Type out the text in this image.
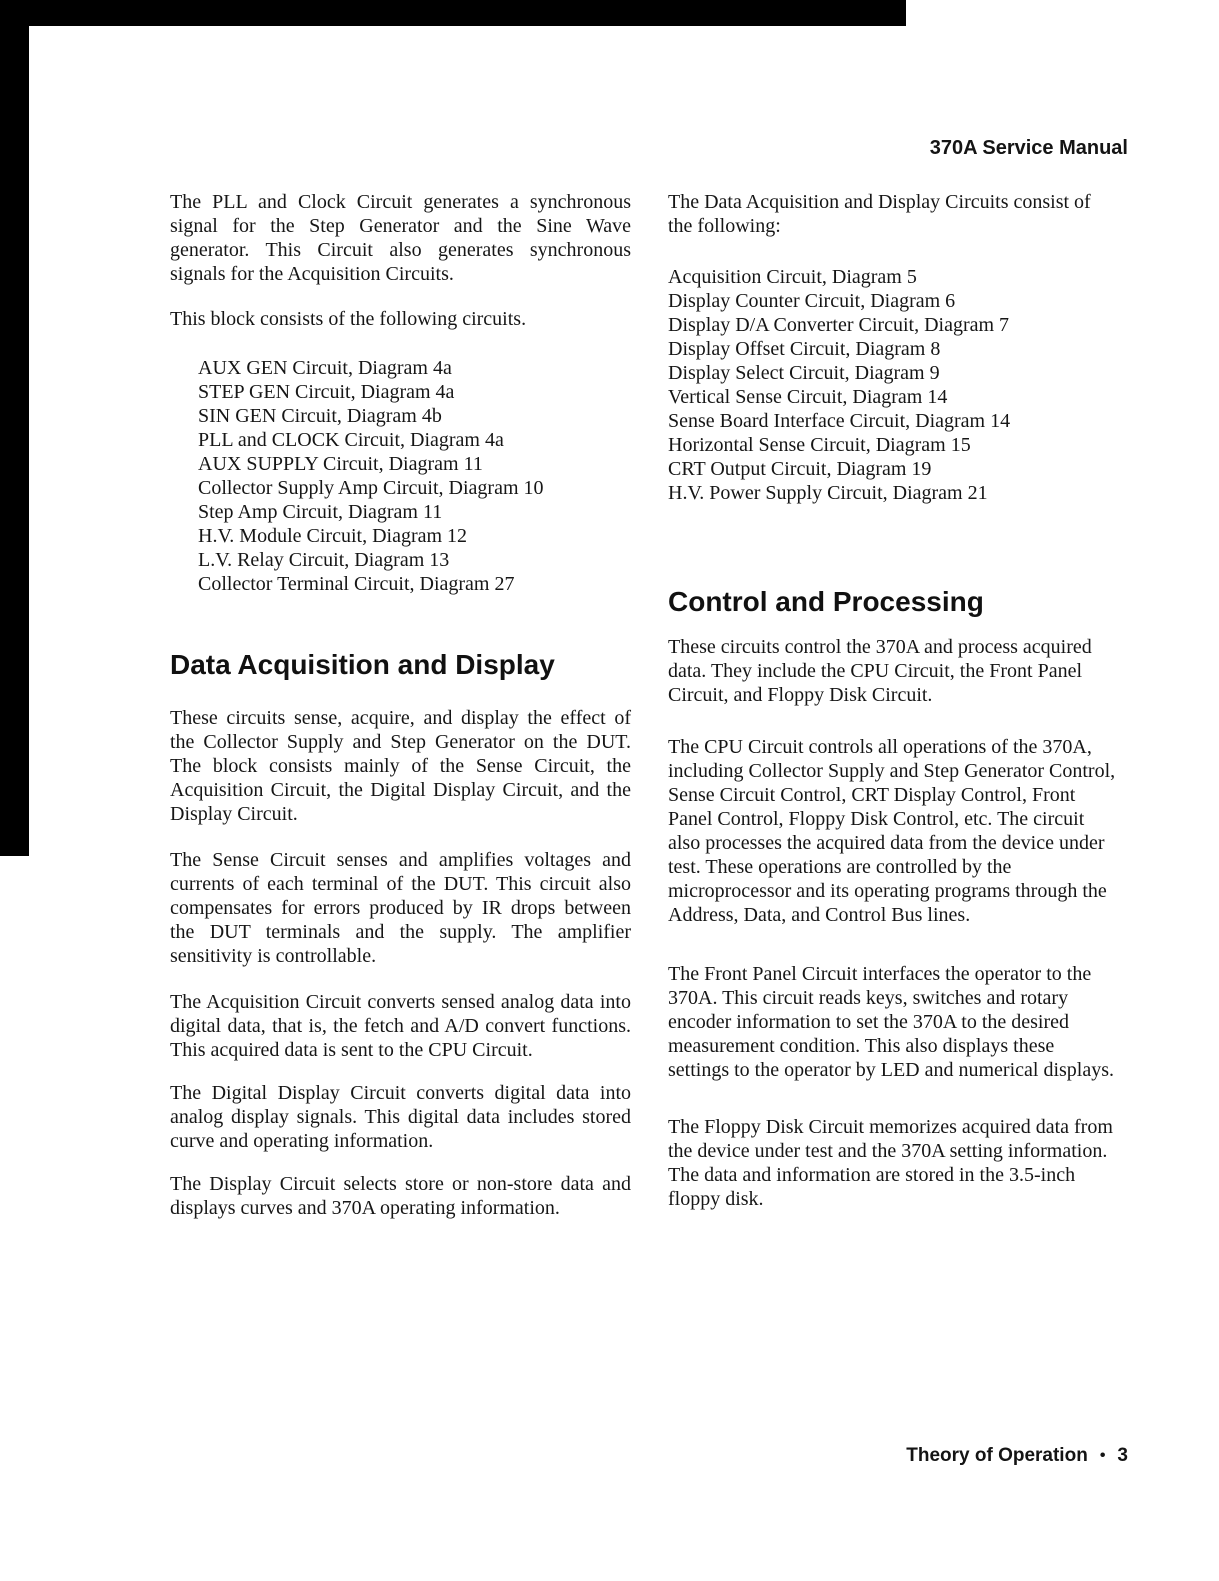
370A Service Manual

The PLL and Clock Circuit generates a synchronous signal for the Step Generator and the Sine Wave generator. This Circuit also generates synchronous signals for the Acquisition Circuits.

This block consists of the following circuits.

AUX GEN Circuit, Diagram 4a
STEP GEN Circuit, Diagram 4a
SIN GEN Circuit, Diagram 4b
PLL and CLOCK Circuit, Diagram 4a
AUX SUPPLY Circuit, Diagram 11
Collector Supply Amp Circuit, Diagram 10
Step Amp Circuit, Diagram 11
H.V. Module Circuit, Diagram 12
L.V. Relay Circuit, Diagram 13
Collector Terminal Circuit, Diagram 27
Data Acquisition and Display

These circuits sense, acquire, and display the effect of the Collector Supply and Step Generator on the DUT. The block consists mainly of the Sense Circuit, the Acquisition Circuit, the Digital Display Circuit, and the Display Circuit.

The Sense Circuit senses and amplifies voltages and currents of each terminal of the DUT. This circuit also compensates for errors produced by IR drops between the DUT terminals and the supply. The amplifier sensitivity is controllable.

The Acquisition Circuit converts sensed analog data into digital data, that is, the fetch and A/D convert functions. This acquired data is sent to the CPU Circuit.

The Digital Display Circuit converts digital data into analog display signals. This digital data includes stored curve and operating information.

The Display Circuit selects store or non-store data and displays curves and 370A operating information.

The Data Acquisition and Display Circuits consist of the following:

Acquisition Circuit, Diagram 5
Display Counter Circuit, Diagram 6
Display D/A Converter Circuit, Diagram 7
Display Offset Circuit, Diagram 8
Display Select Circuit, Diagram 9
Vertical Sense Circuit, Diagram 14
Sense Board Interface Circuit, Diagram 14
Horizontal Sense Circuit, Diagram 15
CRT Output Circuit, Diagram 19
H.V. Power Supply Circuit, Diagram 21
Control and Processing

These circuits control the 370A and process acquired data. They include the CPU Circuit, the Front Panel Circuit, and Floppy Disk Circuit.

The CPU Circuit controls all operations of the 370A, including Collector Supply and Step Generator Control, Sense Circuit Control, CRT Display Control, Front Panel Control, Floppy Disk Control, etc. The circuit also processes the acquired data from the device under test. These operations are controlled by the microprocessor and its operating programs through the Address, Data, and Control Bus lines.

The Front Panel Circuit interfaces the operator to the 370A. This circuit reads keys, switches and rotary encoder information to set the 370A to the desired measurement condition. This also displays these settings to the operator by LED and numerical displays.

The Floppy Disk Circuit memorizes acquired data from the device under test and the 370A setting information. The data and information are stored in the 3.5-inch floppy disk.

Theory of Operation • 3
